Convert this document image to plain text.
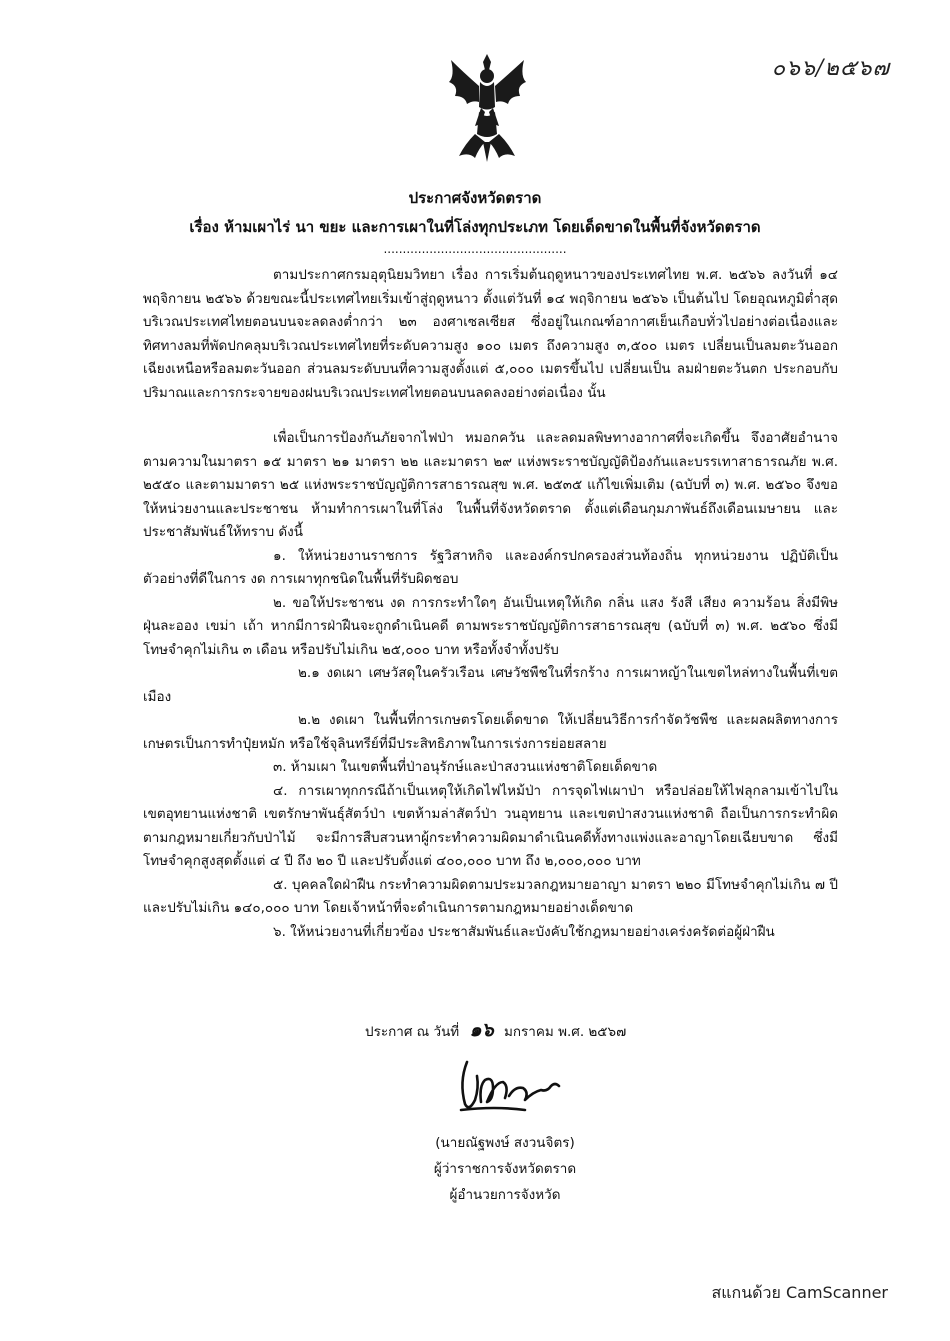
๐๖๖/๒๕๖๗
ประกาศจังหวัดตราด
เรื่อง ห้ามเผาไร่ นา ขยะ และการเผาในที่โล่งทุกประเภท โดยเด็ดขาดในพื้นที่จังหวัดตราด
................................................

ตามประกาศกรมอุตุนิยมวิทยา เรื่อง การเริ่มต้นฤดูหนาวของประเทศไทย พ.ศ. ๒๕๖๖ ลงวันที่ ๑๔ พฤจิกายน ๒๕๖๖ ด้วยขณะนี้ประเทศไทยเริ่มเข้าสู่ฤดูหนาว ตั้งแต่วันที่ ๑๔ พฤจิกายน ๒๕๖๖ เป็นต้นไป โดยอุณหภูมิต่ำสุดบริเวณประเทศไทยตอนบนจะลดลงต่ำกว่า ๒๓ องศาเซลเซียส ซึ่งอยู่ในเกณฑ์อากาศเย็นเกือบทั่วไปอย่างต่อเนื่องและทิศทางลมที่พัดปกคลุมบริเวณประเทศไทยที่ระดับความสูง ๑๐๐ เมตร ถึงความสูง ๓,๕๐๐ เมตร เปลี่ยนเป็นลมตะวันออกเฉียงเหนือหรือลมตะวันออก ส่วนลมระดับบนที่ความสูงตั้งแต่ ๕,๐๐๐ เมตรขึ้นไป เปลี่ยนเป็น ลมฝ่ายตะวันตก ประกอบกับปริมาณและการกระจายของฝนบริเวณประเทศไทยตอนบนลดลงอย่างต่อเนื่อง นั้น

เพื่อเป็นการป้องกันภัยจากไฟป่า หมอกควัน และลดมลพิษทางอากาศที่จะเกิดขึ้น จึงอาศัยอำนาจตามความในมาตรา ๑๕ มาตรา ๒๑ มาตรา ๒๒ และมาตรา ๒๙ แห่งพระราชบัญญัติป้องกันและบรรเทาสาธารณภัย พ.ศ. ๒๕๕๐ และตามมาตรา ๒๕ แห่งพระราชบัญญัติการสาธารณสุข พ.ศ. ๒๕๓๕ แก้ไขเพิ่มเติม (ฉบับที่ ๓) พ.ศ. ๒๕๖๐ จึงขอให้หน่วยงานและประชาชน ห้ามทำการเผาในที่โล่ง ในพื้นที่จังหวัดตราด ตั้งแต่เดือนกุมภาพันธ์ถึงเดือนเมษายน และประชาสัมพันธ์ให้ทราบ ดังนี้

๑. ให้หน่วยงานราชการ รัฐวิสาหกิจ และองค์กรปกครองส่วนท้องถิ่น ทุกหน่วยงาน ปฏิบัติเป็นตัวอย่างที่ดีในการ งด การเผาทุกชนิดในพื้นที่รับผิดชอบ

๒. ขอให้ประชาชน งด การกระทำใดๆ อันเป็นเหตุให้เกิด กลิ่น แสง รังสี เสียง ความร้อน สิ่งมีพิษ ฝุ่นละออง เขม่า เถ้า หากมีการฝ่าฝืนจะถูกดำเนินคดี ตามพระราชบัญญัติการสาธารณสุข (ฉบับที่ ๓) พ.ศ. ๒๕๖๐ ซึ่งมีโทษจำคุกไม่เกิน ๓ เดือน หรือปรับไม่เกิน ๒๕,๐๐๐ บาท หรือทั้งจำทั้งปรับ

๒.๑ งดเผา เศษวัสดุในครัวเรือน เศษวัชพืชในที่รกร้าง การเผาหญ้าในเขตไหล่ทางในพื้นที่เขตเมือง

๒.๒ งดเผา ในพื้นที่การเกษตรโดยเด็ดขาด ให้เปลี่ยนวิธีการกำจัดวัชพืช และผลผลิตทางการเกษตรเป็นการทำปุ๋ยหมัก หรือใช้จุลินทรีย์ที่มีประสิทธิภาพในการเร่งการย่อยสลาย

๓. ห้ามเผา ในเขตพื้นที่ป่าอนุรักษ์และป่าสงวนแห่งชาติโดยเด็ดขาด

๔. การเผาทุกกรณีถ้าเป็นเหตุให้เกิดไฟไหม้ป่า การจุดไฟเผาป่า หรือปล่อยให้ไฟลุกลามเข้าไปในเขตอุทยานแห่งชาติ เขตรักษาพันธุ์สัตว์ป่า เขตห้ามล่าสัตว์ป่า วนอุทยาน และเขตป่าสงวนแห่งชาติ ถือเป็นการกระทำผิดตามกฎหมายเกี่ยวกับป่าไม้ จะมีการสืบสวนหาผู้กระทำความผิดมาดำเนินคดีทั้งทางแพ่งและอาญาโดยเฉียบขาด ซึ่งมีโทษจำคุกสูงสุดตั้งแต่ ๔ ปี ถึง ๒๐ ปี และปรับตั้งแต่ ๔๐๐,๐๐๐ บาท ถึง ๒,๐๐๐,๐๐๐ บาท

๕. บุคคลใดฝ่าฝืน กระทำความผิดตามประมวลกฎหมายอาญา มาตรา ๒๒๐ มีโทษจำคุกไม่เกิน ๗ ปี และปรับไม่เกิน ๑๔๐,๐๐๐ บาท โดยเจ้าหน้าที่จะดำเนินการตามกฎหมายอย่างเด็ดขาด

๖. ให้หน่วยงานที่เกี่ยวข้อง ประชาสัมพันธ์และบังคับใช้กฎหมายอย่างเคร่งครัดต่อผู้ฝ่าฝืน

ประกาศ ณ วันที่ ๑๖ มกราคม พ.ศ. ๒๕๖๗
(นายณัฐพงษ์ สงวนจิตร)
ผู้ว่าราชการจังหวัดตราด
ผู้อำนวยการจังหวัด
สแกนด้วย CamScanner
